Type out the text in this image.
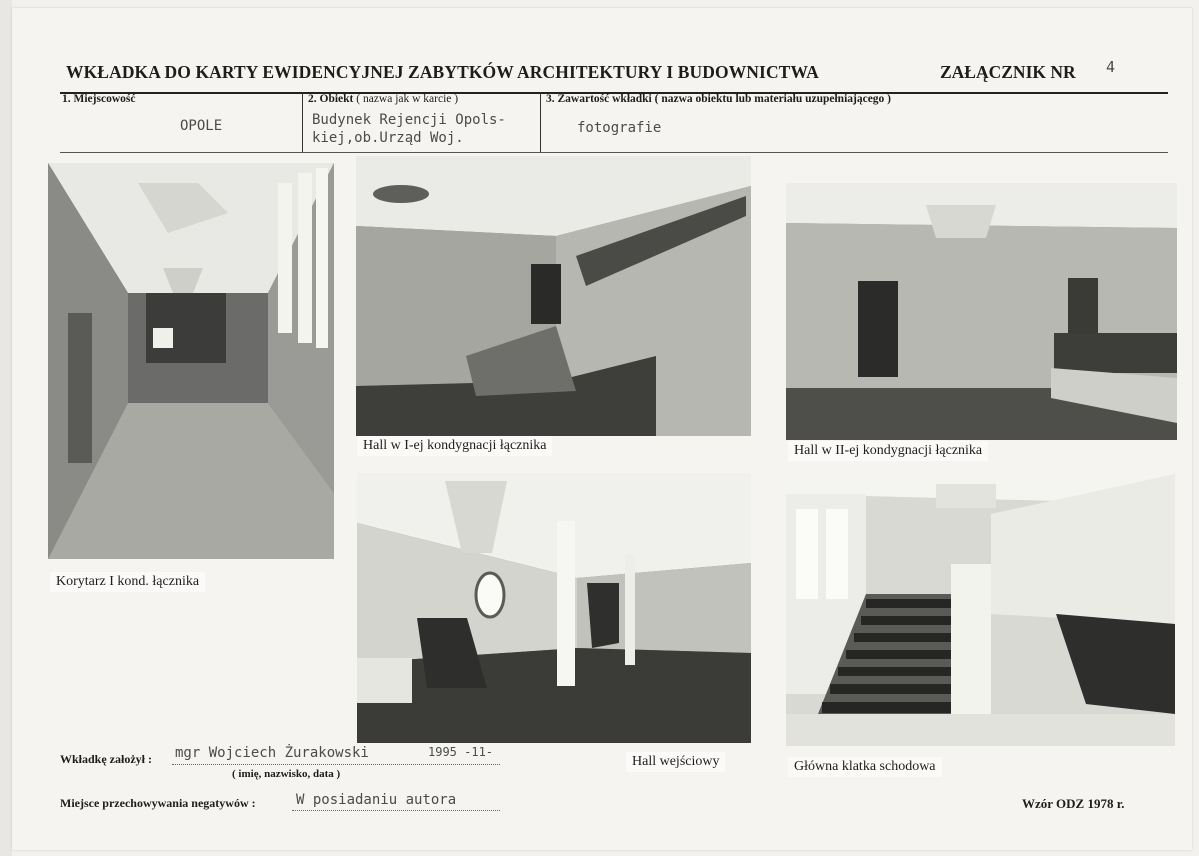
WKŁADKA DO KARTY EWIDENCYJNEJ ZABYTKÓW ARCHITEKTURY I BUDOWNICTWA	ZAŁĄCZNIK NR 4
1. Miejscowość
OPOLE
2. Obiekt ( nazwa jak w karcie )
Budynek Rejencji Opols-
kiej,ob.Urząd Woj.
3. Zawartość wkładki ( nazwa obiektu lub materiału uzupełniającego )
fotografie
Korytarz I kond. łącznika
Hall w I-ej kondygnacji łącznika	Hall w II-ej kondygnacji łącznika
Hall wejściowy	Główna klatka schodowa
Wkładkę założył : mgr Wojciech Żurakowski	1995 -11-
( imię, nazwisko, data )
Miejsce przechowywania negatywów :	W posiadaniu autora	Wzór ODZ 1978 r.
